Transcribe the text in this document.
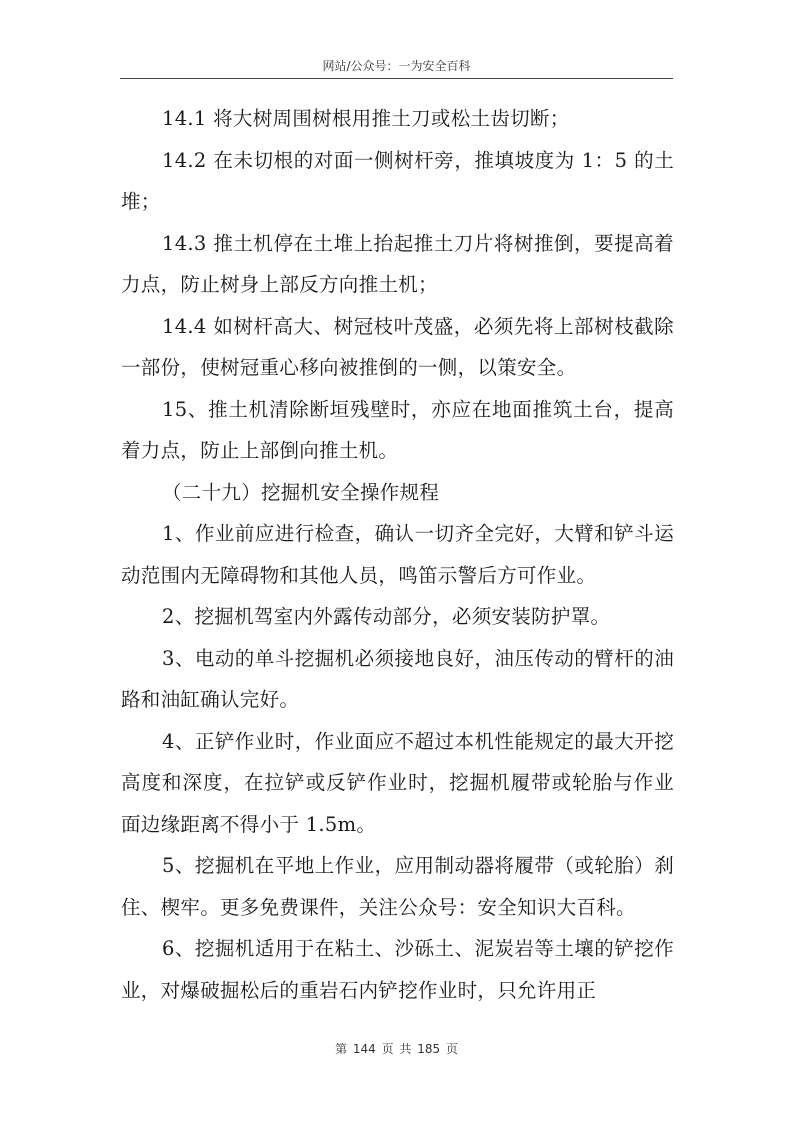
网站/公众号：一为安全百科

14.1 将大树周围树根用推土刀或松土齿切断；

14.2 在未切根的对面一侧树杆旁，推填坡度为 1：5 的土堆；

14.3 推土机停在土堆上抬起推土刀片将树推倒，要提高着力点，防止树身上部反方向推土机；

14.4 如树杆高大、树冠枝叶茂盛，必须先将上部树枝截除一部份，使树冠重心移向被推倒的一侧，以策安全。

15、推土机清除断垣残壁时，亦应在地面推筑土台，提高着力点，防止上部倒向推土机。

（二十九）挖掘机安全操作规程

1、作业前应进行检查，确认一切齐全完好，大臂和铲斗运动范围内无障碍物和其他人员，鸣笛示警后方可作业。

2、挖掘机驾室内外露传动部分，必须安装防护罩。

3、电动的单斗挖掘机必须接地良好，油压传动的臂杆的油路和油缸确认完好。

4、正铲作业时，作业面应不超过本机性能规定的最大开挖高度和深度，在拉铲或反铲作业时，挖掘机履带或轮胎与作业面边缘距离不得小于 1.5m。

5、挖掘机在平地上作业，应用制动器将履带（或轮胎）刹住、楔牢。更多免费课件，关注公众号：安全知识大百科。

6、挖掘机适用于在粘土、沙砾土、泥炭岩等土壤的铲挖作业，对爆破掘松后的重岩石内铲挖作业时，只允许用正

第 144 页 共 185 页
